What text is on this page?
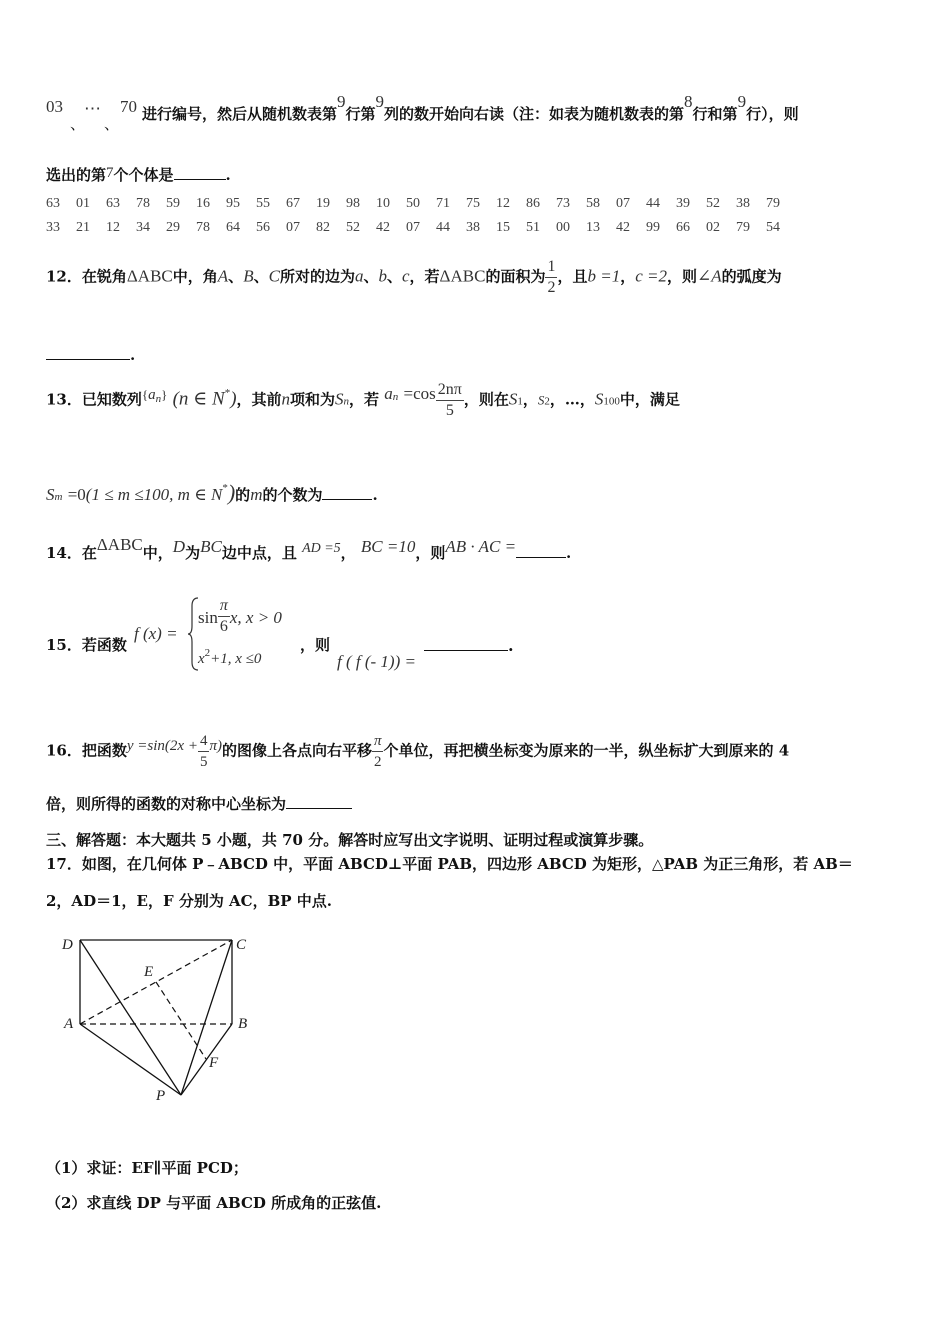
03
、
⋯
、
70 进行编号，然后从随机数表第9行第9列的数开始向右读（注：如表为随机数表的第8行和第9行），则
选出的第7个个体是	.
63 01 63 78 59 16 95 55 67 19 98 10 50 71 75 12 86 73 58 07 44 39 52 38 79
33 21 12 34 29 78 64 56 07 82 52 42 07 44 38 15 51 00 13 42 99 66 02 79 54
12．在锐角ΔABC中，角A、B、C所对的边为a、b、c，若ΔABC的面积为 $\frac{1}{2}$ ，且b =1，c =2，则∠A的弧度为
.
13．已知数列$\{a^n\}$ (n ∈ N*)，其前n项和为Sn，若 $a^n =\cos \frac{2n\pi}{5}$ ，则在S1，S2，…，S100中，满足
Sm =0(1 ≤ m ≤100, m ∈ N*)的m的个数为	.
14．在ΔABC中，D为BC边中点，且 AD =5， BC =10，则AB · AC =	.
15．若函数
f (x) =
$\sin \frac{\pi}{6} x$, x > 0
$x^2+1$, x ≤0
，则	.
f ( f (- 1)) =
16．把函数$y =\sin(2x + \frac{4}{5} \pi)$的图像上各点向右平移 $\frac{\pi}{2}$ 个单位，再把横坐标变为原来的一半，纵坐标扩大到原来的 4
倍，则所得的函数的对称中心坐标为
三、解答题：本大题共 5 小题，共 70 分。解答时应写出文字说明、证明过程或演算步骤。
17．如图，在几何体 P﹣ABCD 中，平面 ABCD⊥平面 PAB，四边形 ABCD 为矩形，△PAB 为正三角形，若 AB＝
2，AD＝1，E，F 分别为 AC，BP 中点.
D	C
E
A	B
F
P
（1）求证：EF∥平面 PCD；
（2）求直线 DP 与平面 ABCD 所成角的正弦值.
